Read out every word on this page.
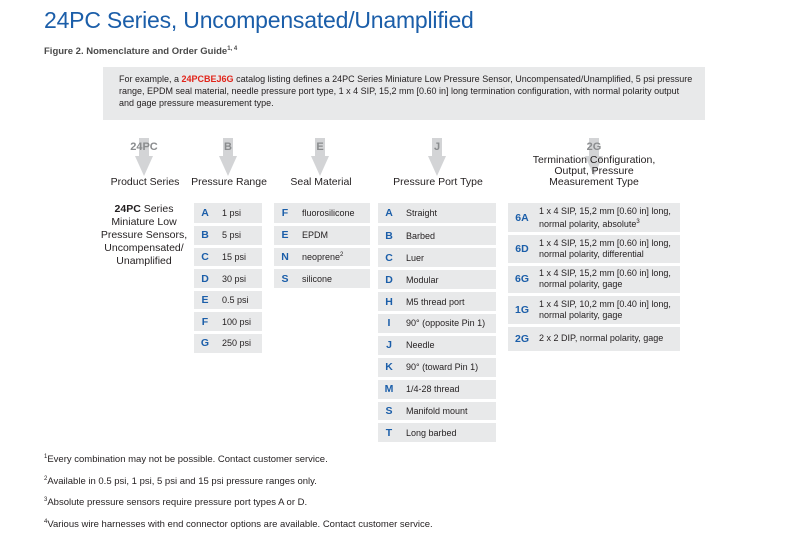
24PC Series, Uncompensated/Unamplified
Figure 2. Nomenclature and Order Guide$^{1, 4}$
For example, a 24PCBEJ6G catalog listing defines a 24PC Series Miniature Low Pressure Sensor, Uncompensated/Unamplified, 5 psi pressure range, EPDM seal material, needle pressure port type, 1 x 4 SIP, 15,2 mm [0.60 in] long termination configuration, with normal polarity output and gage pressure measurement type.
24PC
Product Series
24PC Series Miniature Low Pressure Sensors, Uncompensated/ Unamplified
B
Pressure Range
A	1 psi
B	5 psi
C	15 psi
D	30 psi
E	0.5 psi
F	100 psi
G	250 psi
E
Seal Material
F	fluorosilicone
E	EPDM
N	neoprene$^2$
S	silicone
J
Pressure Port Type
A	Straight
B	Barbed
C	Luer
D	Modular
H	M5 thread port
I	90° (opposite Pin 1)
J	Needle
K	90° (toward Pin 1)
M	1/4-28 thread
S	Manifold mount
T	Long barbed
2G
Termination Configuration,
Output, Pressure
Measurement Type
6A	1 x 4 SIP, 15,2 mm [0.60 in] long,
normal polarity, absolute$^3$

6D	1 x 4 SIP, 15,2 mm [0.60 in] long,
normal polarity, differential

6G	1 x 4 SIP, 15,2 mm [0.60 in] long,
normal polarity, gage

1G	1 x 4 SIP, 10,2 mm [0.40 in] long,
normal polarity, gage

2G	2 x 2 DIP, normal polarity, gage
$^1$Every combination may not be possible. Contact customer service.
$^2$Available in 0.5 psi, 1 psi, 5 psi and 15 psi pressure ranges only.
$^3$Absolute pressure sensors require pressure port types A or D.
$^4$Various wire harnesses with end connector options are available. Contact customer service.
